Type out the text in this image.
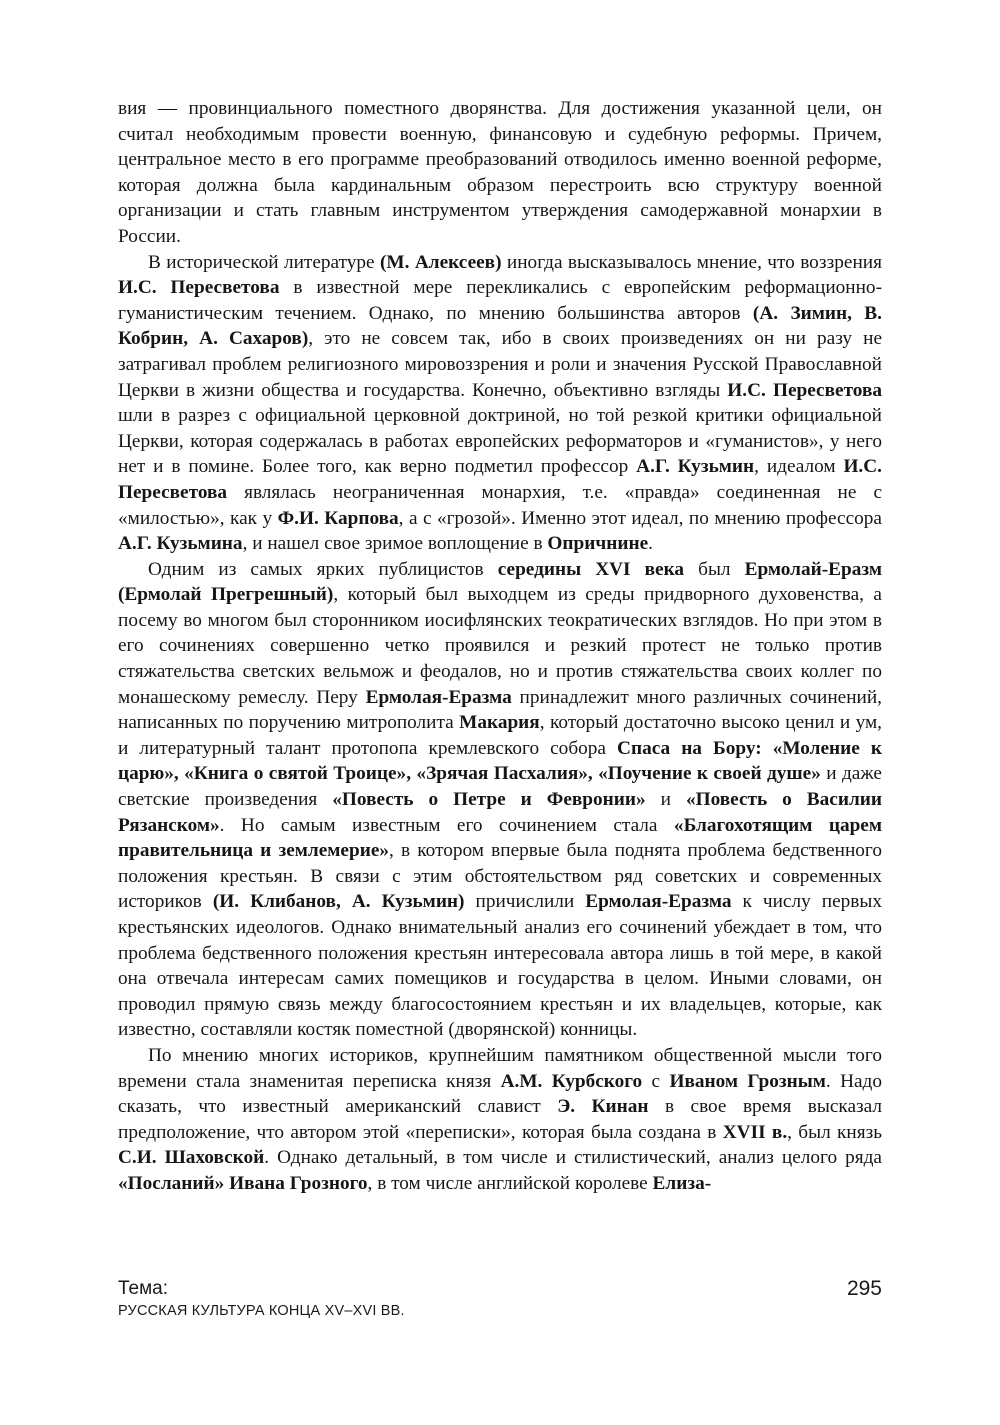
вия — провинциального поместного дворянства. Для достижения указанной цели, он считал необходимым провести военную, финансовую и судебную реформы. Причем, центральное место в его программе преобразований отводилось именно военной реформе, которая должна была кардинальным образом перестроить всю структуру военной организации и стать главным инструментом утверждения самодержавной монархии в России.

В исторической литературе (М. Алексеев) иногда высказывалось мнение, что воззрения И.С. Пересветова в известной мере перекликались с европейским реформационно-гуманистическим течением. Однако, по мнению большинства авторов (А. Зимин, В. Кобрин, А. Сахаров), это не совсем так, ибо в своих произведениях он ни разу не затрагивал проблем религиозного мировоззрения и роли и значения Русской Православной Церкви в жизни общества и государства. Конечно, объективно взгляды И.С. Пересветова шли в разрез с официальной церковной доктриной, но той резкой критики официальной Церкви, которая содержалась в работах европейских реформаторов и «гуманистов», у него нет и в помине. Более того, как верно подметил профессор А.Г. Кузьмин, идеалом И.С. Пересветова являлась неограниченная монархия, т.е. «правда» соединенная не с «милостью», как у Ф.И. Карпова, а с «грозой». Именно этот идеал, по мнению профессора А.Г. Кузьмина, и нашел свое зримое воплощение в Опричнине.

Одним из самых ярких публицистов середины XVI века был Ермолай-Еразм (Ермолай Прегрешный), который был выходцем из среды придворного духовенства, а посему во многом был сторонником иосифлянских теократических взглядов. Но при этом в его сочинениях совершенно четко проявился и резкий протест не только против стяжательства светских вельмож и феодалов, но и против стяжательства своих коллег по монашескому ремеслу. Перу Ермолая-Еразма принадлежит много различных сочинений, написанных по поручению митрополита Макария, который достаточно высоко ценил и ум, и литературный талант протопопа кремлевского собора Спаса на Бору: «Моление к царю», «Книга о святой Троице», «Зрячая Пасхалия», «Поучение к своей душе» и даже светские произведения «Повесть о Петре и Февронии» и «Повесть о Василии Рязанском». Но самым известным его сочинением стала «Благохотящим царем правительница и землемерие», в котором впервые была поднята проблема бедственного положения крестьян. В связи с этим обстоятельством ряд советских и современных историков (И. Клибанов, А. Кузьмин) причислили Ермолая-Еразма к числу первых крестьянских идеологов. Однако внимательный анализ его сочинений убеждает в том, что проблема бедственного положения крестьян интересовала автора лишь в той мере, в какой она отвечала интересам самих помещиков и государства в целом. Иными словами, он проводил прямую связь между благосостоянием крестьян и их владельцев, которые, как известно, составляли костяк поместной (дворянской) конницы.

По мнению многих историков, крупнейшим памятником общественной мысли того времени стала знаменитая переписка князя А.М. Курбского с Иваном Грозным. Надо сказать, что известный американский славист Э. Кинан в свое время высказал предположение, что автором этой «переписки», которая была создана в XVII в., был князь С.И. Шаховской. Однако детальный, в том числе и стилистический, анализ целого ряда «Посланий» Ивана Грозного, в том числе английской королеве Елиза-

Тема:
РУССКАЯ КУЛЬТУРА КОНЦА XV–XVI ВВ.
295
